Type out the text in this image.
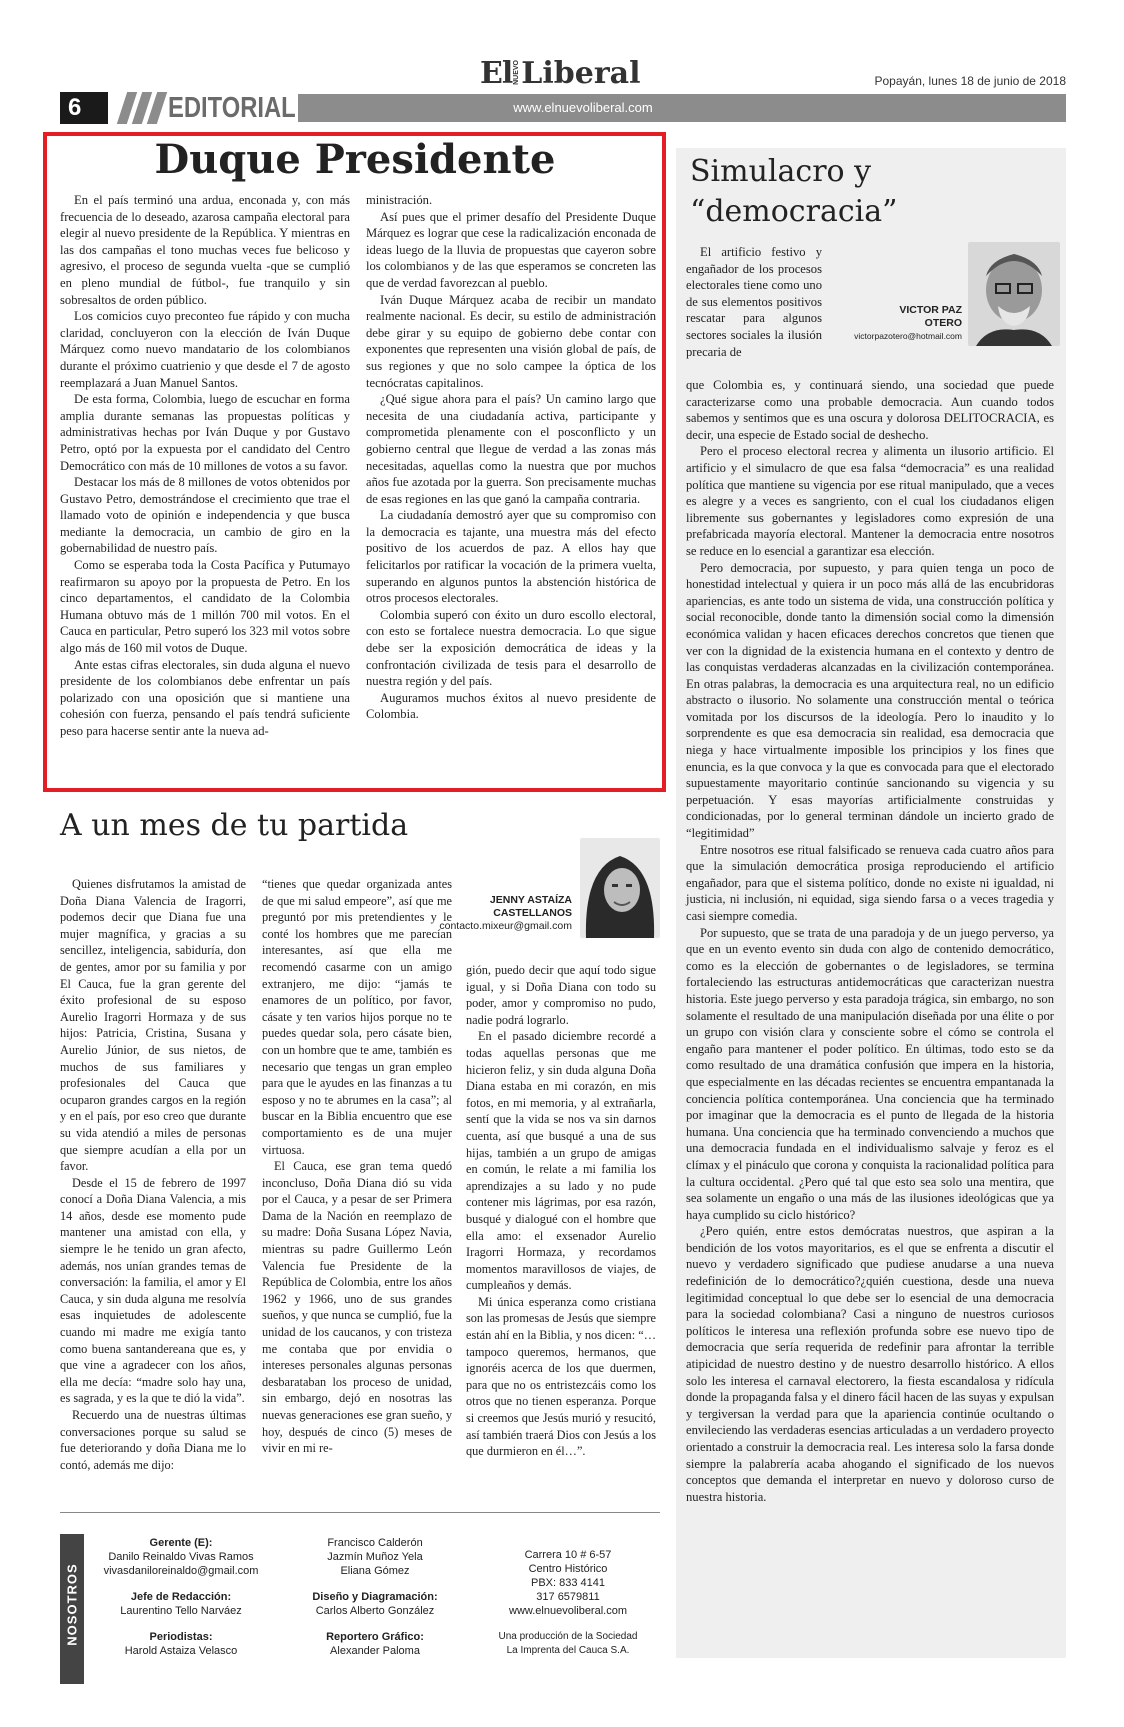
ElNUEVOLiberal	Popayán, lunes 18 de junio de 2018
www.elnuevoliberal.com
6	EDITORIAL
Duque Presidente

En el país terminó una ardua, enconada y, con más frecuencia de lo deseado, azarosa campaña electoral para elegir al nuevo presidente de la República. Y mientras en las dos campañas el tono muchas veces fue belicoso y agresivo, el proceso de segunda vuelta -que se cumplió en pleno mundial de fútbol-, fue tranquilo y sin sobresaltos de orden público.

Los comicios cuyo preconteo fue rápido y con mucha claridad, concluyeron con la elección de Iván Duque Márquez como nuevo mandatario de los colombianos durante el próximo cuatrienio y que desde el 7 de agosto reemplazará a Juan Manuel Santos.

De esta forma, Colombia, luego de escuchar en forma amplia durante semanas las propuestas políticas y administrativas hechas por Iván Duque y por Gustavo Petro, optó por la expuesta por el candidato del Centro Democrático con más de 10 millones de votos a su favor.

Destacar los más de 8 millones de votos obtenidos por Gustavo Petro, demostrándose el crecimiento que trae el llamado voto de opinión e independencia y que busca mediante la democracia, un cambio de giro en la gobernabilidad de nuestro país.

Como se esperaba toda la Costa Pacífica y Putumayo reafirmaron su apoyo por la propuesta de Petro. En los cinco departamentos, el candidato de la Colombia Humana obtuvo más de 1 millón 700 mil votos. En el Cauca en particular, Petro superó los 323 mil votos sobre algo más de 160 mil votos de Duque.

Ante estas cifras electorales, sin duda alguna el nuevo presidente de los colombianos debe enfrentar un país polarizado con una oposición que si mantiene una cohesión con fuerza, pensando el país tendrá suficiente peso para hacerse sentir ante la nueva ad-

ministración.

Así pues que el primer desafío del Presidente Duque Márquez es lograr que cese la radicalización enconada de ideas luego de la lluvia de propuestas que cayeron sobre los colombianos y de las que esperamos se concreten las que de verdad favorezcan al pueblo.

Iván Duque Márquez acaba de recibir un mandato realmente nacional. Es decir, su estilo de administración debe girar y su equipo de gobierno debe contar con exponentes que representen una visión global de país, de sus regiones y que no solo campee la óptica de los tecnócratas capitalinos.

¿Qué sigue ahora para el país? Un camino largo que necesita de una ciudadanía activa, participante y comprometida plenamente con el posconflicto y un gobierno central que llegue de verdad a las zonas más necesitadas, aquellas como la nuestra que por muchos años fue azotada por la guerra. Son precisamente muchas de esas regiones en las que ganó la campaña contraria.

La ciudadanía demostró ayer que su compromiso con la democracia es tajante, una muestra más del efecto positivo de los acuerdos de paz. A ellos hay que felicitarlos por ratificar la vocación de la primera vuelta, superando en algunos puntos la abstención histórica de otros procesos electorales.

Colombia superó con éxito un duro escollo electoral, con esto se fortalece nuestra democracia. Lo que sigue debe ser la exposición democrática de ideas y la confrontación civilizada de tesis para el desarrollo de nuestra región y del país.

Auguramos muchos éxitos al nuevo presidente de Colombia.

Simulacro y
“democracia”

El artificio festivo y engañador de los procesos electorales tiene como uno de sus elementos positivos rescatar para algunos sectores sociales la ilusión precaria de

VICTOR PAZ
OTERO
victorpazotero@hotmail.com

que Colombia es, y continuará siendo, una sociedad que puede caracterizarse como una probable democracia. Aun cuando todos sabemos y sentimos que es una oscura y dolorosa DELITOCRACIA, es decir, una especie de Estado social de deshecho.

Pero el proceso electoral recrea y alimenta un ilusorio artificio. El artificio y el simulacro de que esa falsa “democracia” es una realidad política que mantiene su vigencia por ese ritual manipulado, que a veces es alegre y a veces es sangriento, con el cual los ciudadanos eligen libremente sus gobernantes y legisladores como expresión de una prefabricada mayoría electoral. Mantener la democracia entre nosotros se reduce en lo esencial a garantizar esa elección.

Pero democracia, por supuesto, y para quien tenga un poco de honestidad intelectual y quiera ir un poco más allá de las encubridoras apariencias, es ante todo un sistema de vida, una construcción política y social reconocible, donde tanto la dimensión social como la dimensión económica validan y hacen eficaces derechos concretos que tienen que ver con la dignidad de la existencia humana en el contexto y dentro de las conquistas verdaderas alcanzadas en la civilización contemporánea. En otras palabras, la democracia es una arquitectura real, no un edificio abstracto o ilusorio. No solamente una construcción mental o teórica vomitada por los discursos de la ideología. Pero lo inaudito y lo sorprendente es que esa democracia sin realidad, esa democracia que niega y hace virtualmente imposible los principios y los fines que enuncia, es la que convoca y la que es convocada para que el electorado supuestamente mayoritario continúe sancionando su vigencia y su perpetuación. Y esas mayorías artificialmente construidas y condicionadas, por lo general terminan dándole un incierto grado de “legitimidad”

Entre nosotros ese ritual falsificado se renueva cada cuatro años para que la simulación democrática prosiga reproduciendo el artificio engañador, para que el sistema político, donde no existe ni igualdad, ni justicia, ni inclusión, ni equidad, siga siendo farsa o a veces tragedia y casi siempre comedia.

Por supuesto, que se trata de una paradoja y de un juego perverso, ya que en un evento evento sin duda con algo de contenido democrático, como es la elección de gobernantes o de legisladores, se termina fortaleciendo las estructuras antidemocráticas que caracterizan nuestra historia. Este juego perverso y esta paradoja trágica, sin embargo, no son solamente el resultado de una manipulación diseñada por una élite o por un grupo con visión clara y consciente sobre el cómo se controla el engaño para mantener el poder político. En últimas, todo esto se da como resultado de una dramática confusión que impera en la historia, que especialmente en las décadas recientes se encuentra empantanada la conciencia política contemporánea. Una conciencia que ha terminado por imaginar que la democracia es el punto de llegada de la historia humana. Una conciencia que ha terminado convenciendo a muchos que una democracia fundada en el individualismo salvaje y feroz es el clímax y el pináculo que corona y conquista la racionalidad política para la cultura occidental. ¿Pero qué tal que esto sea solo una mentira, que sea solamente un engaño o una más de las ilusiones ideológicas que ya haya cumplido su ciclo histórico?

¿Pero quién, entre estos demócratas nuestros, que aspiran a la bendición de los votos mayoritarios, es el que se enfrenta a discutir el nuevo y verdadero significado que pudiese anudarse a una nueva redefinición de lo democrático?¿quién cuestiona, desde una nueva legitimidad conceptual lo que debe ser lo esencial de una democracia para la sociedad colombiana? Casi a ninguno de nuestros curiosos políticos le interesa una reflexión profunda sobre ese nuevo tipo de democracia que sería requerida de redefinir para afrontar la terrible atipicidad de nuestro destino y de nuestro desarrollo histórico. A ellos solo les interesa el carnaval electorero, la fiesta escandalosa y ridícula donde la propaganda falsa y el dinero fácil hacen de las suyas y expulsan y tergiversan la verdad para que la apariencia continúe ocultando o envileciendo las verdaderas esencias articuladas a un verdadero proyecto orientado a construir la democracia real. Les interesa solo la farsa donde siempre la palabrería acaba ahogando el significado de los nuevos conceptos que demanda el interpretar en nuevo y doloroso curso de nuestra historia.

A un mes de tu partida
JENNY ASTAÍZA
CASTELLANOS
contacto.mixeur@gmail.com

Quienes disfrutamos la amistad de Doña Diana Valencia de Iragorri, podemos decir que Diana fue una mujer magnífica, y gracias a su sencillez, inteligencia, sabiduría, don de gentes, amor por su familia y por El Cauca, fue la gran gerente del éxito profesional de su esposo Aurelio Iragorri Hormaza y de sus hijos: Patricia, Cristina, Susana y Aurelio Júnior, de sus nietos, de muchos de sus familiares y profesionales del Cauca que ocuparon grandes cargos en la región y en el país, por eso creo que durante su vida atendió a miles de personas que siempre acudían a ella por un favor.

Desde el 15 de febrero de 1997 conocí a Doña Diana Valencia, a mis 14 años, desde ese momento pude mantener una amistad con ella, y siempre le he tenido un gran afecto, además, nos unían grandes temas de conversación: la familia, el amor y El Cauca, y sin duda alguna me resolvía esas inquietudes de adolescente cuando mi madre me exigía tanto como buena santandereana que es, y que vine a agradecer con los años, ella me decía: “madre solo hay una, es sagrada, y es la que te dió la vida”.

Recuerdo una de nuestras últimas conversaciones porque su salud se fue deteriorando y doña Diana me lo contó, además me dijo:

“tienes que quedar organizada antes de que mi salud empeore”, así que me preguntó por mis pretendientes y le conté los hombres que me parecían interesantes, así que ella me recomendó casarme con un amigo extranjero, me dijo: “jamás te enamores de un político, por favor, cásate y ten varios hijos porque no te puedes quedar sola, pero cásate bien, con un hombre que te ame, también es necesario que tengas un gran empleo para que le ayudes en las finanzas a tu esposo y no te abrumes en la casa”; al buscar en la Biblia encuentro que ese comportamiento es de una mujer virtuosa.

El Cauca, ese gran tema quedó inconcluso, Doña Diana dió su vida por el Cauca, y a pesar de ser Primera Dama de la Nación en reemplazo de su madre: Doña Susana López Navia, mientras su padre Guillermo León Valencia fue Presidente de la República de Colombia, entre los años 1962 y 1966, uno de sus grandes sueños, y que nunca se cumplió, fue la unidad de los caucanos, y con tristeza me contaba que por envidia o intereses personales algunas personas desbarataban los proceso de unidad, sin embargo, dejó en nosotras las nuevas generaciones ese gran sueño, y hoy, después de cinco (5) meses de vivir en mi re-

gión, puedo decir que aquí todo sigue igual, y si Doña Diana con todo su poder, amor y compromiso no pudo, nadie podrá lograrlo.

En el pasado diciembre recordé a todas aquellas personas que me hicieron feliz, y sin duda alguna Doña Diana estaba en mi corazón, en mis fotos, en mi memoria, y al extrañarla, sentí que la vida se nos va sin darnos cuenta, así que busqué a una de sus hijas, también a un grupo de amigas en común, le relate a mi familia los aprendizajes a su lado y no pude contener mis lágrimas, por esa razón, busqué y dialogué con el hombre que ella amo: el exsenador Aurelio Iragorri Hormaza, y recordamos momentos maravillosos de viajes, de cumpleaños y demás.

Mi única esperanza como cristiana son las promesas de Jesús que siempre están ahí en la Biblia, y nos dicen: “…tampoco queremos, hermanos, que ignoréis acerca de los que duermen, para que no os entristezcáis como los otros que no tienen esperanza. Porque si creemos que Jesús murió y resucitó, así también traerá Dios con Jesús a los que durmieron en él…”.

NOSOTROS
Gerente (E):
Danilo Reinaldo Vivas Ramos
vivasdaniloreinaldo@gmail.com
Jefe de Redacción:
Laurentino Tello Narváez
Periodistas:
Harold Astaiza Velasco
Francisco Calderón
Jazmín Muñoz Yela
Eliana Gómez
Diseño y Diagramación:
Carlos Alberto González
Reportero Gráfico:
Alexander Paloma
Carrera 10 # 6-57
Centro Histórico
PBX: 833 4141
317 6579811
www.elnuevoliberal.com
Una producción de la Sociedad
La Imprenta del Cauca S.A.
